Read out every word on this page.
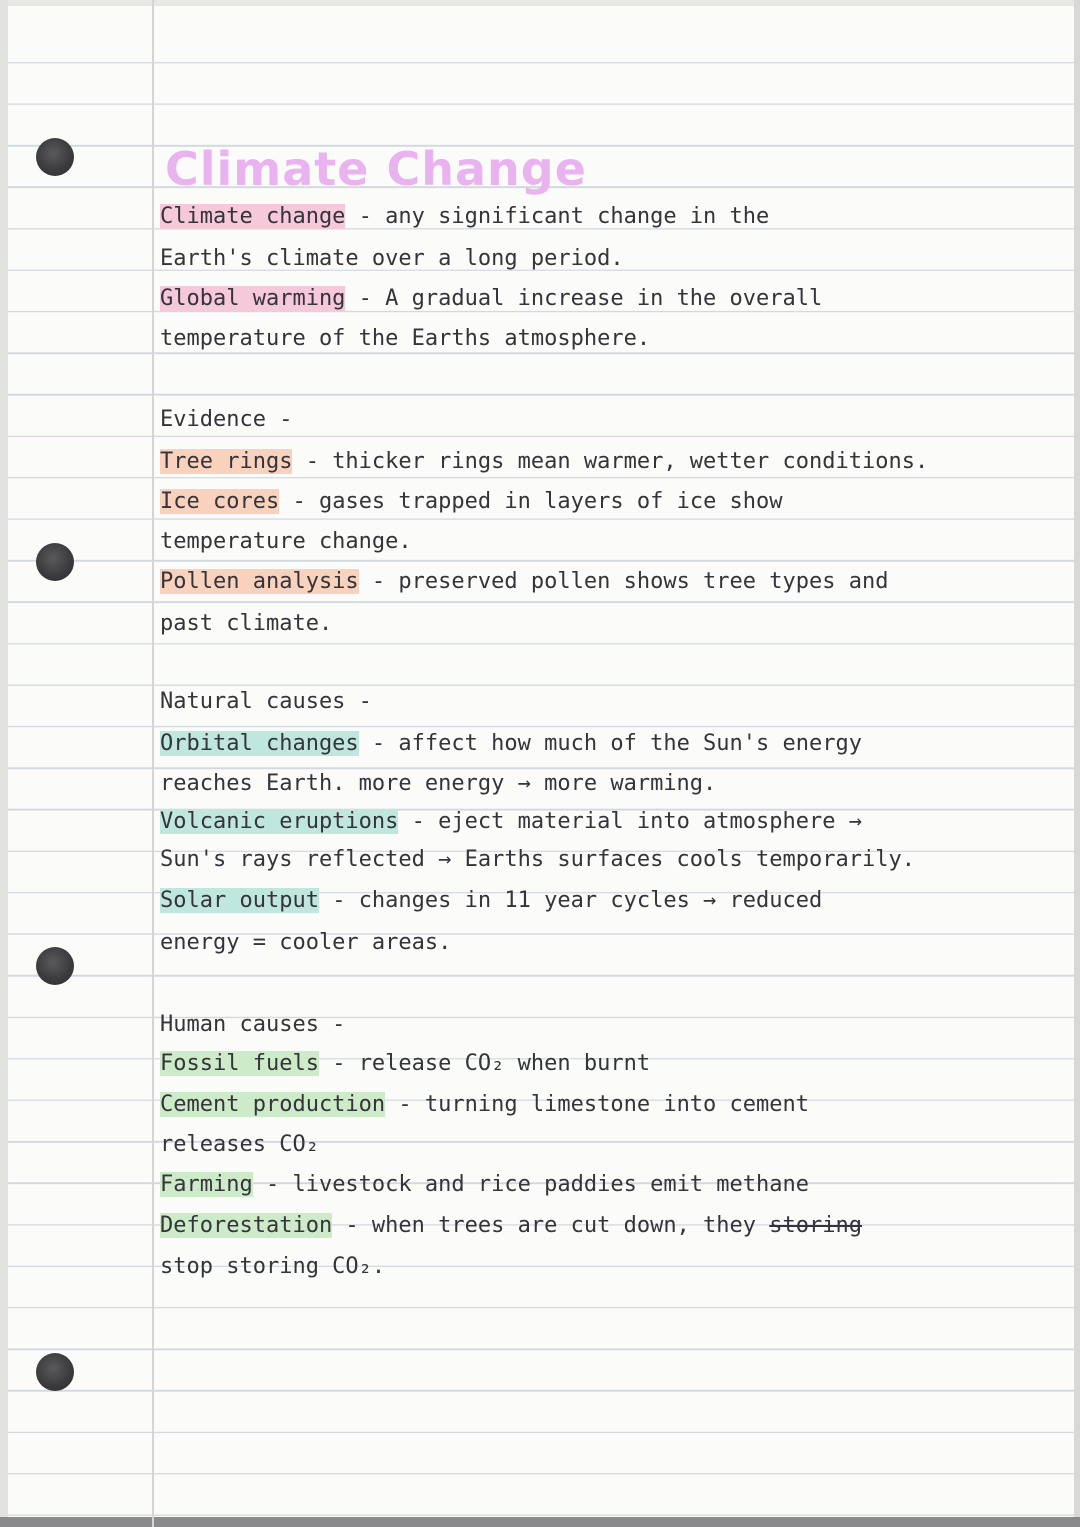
Climate Change

Climate change - any significant change in the

Earth's climate over a long period.

Global warming - A gradual increase in the overall

temperature of the Earths atmosphere.

Evidence -

Tree rings - thicker rings mean warmer, wetter conditions.

Ice cores - gases trapped in layers of ice show

temperature change.

Pollen analysis - preserved pollen shows tree types and

past climate.

Natural causes -

Orbital changes - affect how much of the Sun's energy

reaches Earth. more energy → more warming.

Volcanic eruptions - eject material into atmosphere →

Sun's rays reflected → Earths surfaces cools temporarily.

Solar output - changes in 11 year cycles → reduced

energy = cooler areas.

Human causes -

Fossil fuels - release CO₂ when burnt

Cement production - turning limestone into cement

releases CO₂

Farming - livestock and rice paddies emit methane

Deforestation - when trees are cut down, they storing

stop storing CO₂.
